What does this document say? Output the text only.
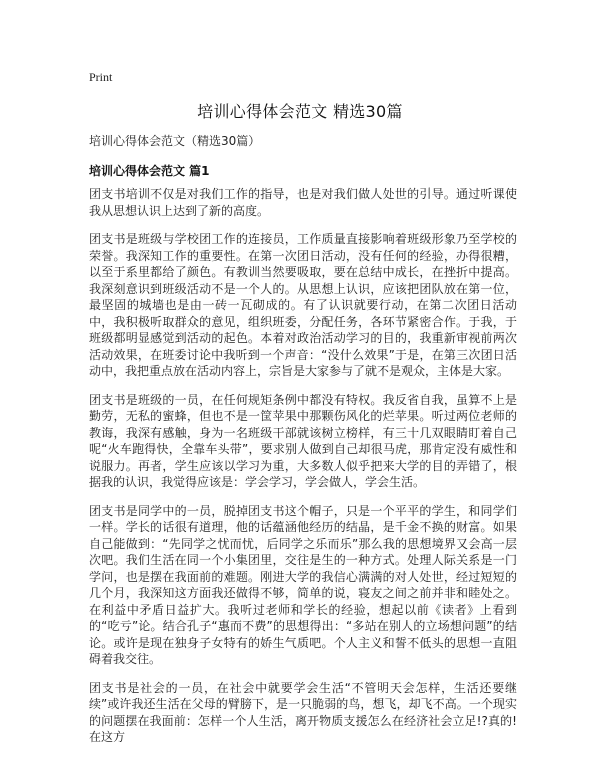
Print
培训心得体会范文 精选30篇
培训心得体会范文（精选30篇）
培训心得体会范文 篇1

团支书培训不仅是对我们工作的指导，也是对我们做人处世的引导。通过听课使我从思想认识上达到了新的高度。

团支书是班级与学校团工作的连接员，工作质量直接影响着班级形象乃至学校的荣誉。我深知工作的重要性。在第一次团日活动，没有任何的经验，办得很糟，以至于系里都给了颜色。有教训当然要吸取，要在总结中成长，在挫折中提高。我深刻意识到班级活动不是一个人的。从思想上认识，应该把团队放在第一位，最坚固的城墙也是由一砖一瓦砌成的。有了认识就要行动，在第二次团日活动中，我积极听取群众的意见，组织班委，分配任务，各环节紧密合作。于我，于班级都明显感觉到活动的起色。本着对政治活动学习的目的，我重新审视前两次活动效果，在班委讨论中我听到一个声音：“没什么效果”于是，在第三次团日活动中，我把重点放在活动内容上，宗旨是大家参与了就不是观众，主体是大家。

团支书是班级的一员，在任何规矩条例中都没有特权。我反省自我，虽算不上是勤劳，无私的蜜蜂，但也不是一筐苹果中那颗伤风化的烂苹果。听过两位老师的教诲，我深有感触，身为一名班级干部就该树立榜样，有三十几双眼睛盯着自己呢“火车跑得快，全靠车头带”，要求别人做到自己却很马虎，那肯定没有威性和说服力。再者，学生应该以学习为重，大多数人似乎把来大学的目的弄错了，根据我的认识，我觉得应该是：学会学习，学会做人，学会生活。

团支书是同学中的一员，脱掉团支书这个帽子，只是一个平平的学生，和同学们一样。学长的话很有道理，他的话蕴涵他经历的结晶，是千金不换的财富。如果自己能做到：“先同学之忧而忧，后同学之乐而乐”那么我的思想境界又会高一层次吧。我们生活在同一个小集团里，交往是生的一种方式。处理人际关系是一门学问，也是摆在我面前的难题。刚进大学的我信心满满的对人处世，经过短短的几个月，我深知这方面我还做得不够，简单的说，寝友之间之前并非和睦处之。在利益中矛盾日益扩大。我听过老师和学长的经验，想起以前《读者》上看到的“吃亏”论。结合孔子“惠而不费”的思想得出：“多站在别人的立场想问题”的结论。或许是现在独身子女特有的娇生气质吧。个人主义和誓不低头的思想一直阻碍着我交往。

团支书是社会的一员，在社会中就要学会生活“不管明天会怎样，生活还要继续”或许我还生活在父母的臂膀下，是一只脆弱的鸟，想飞，却飞不高。一个现实的问题摆在我面前：怎样一个人生活，离开物质支援怎么在经济社会立足!?真的!在这方
